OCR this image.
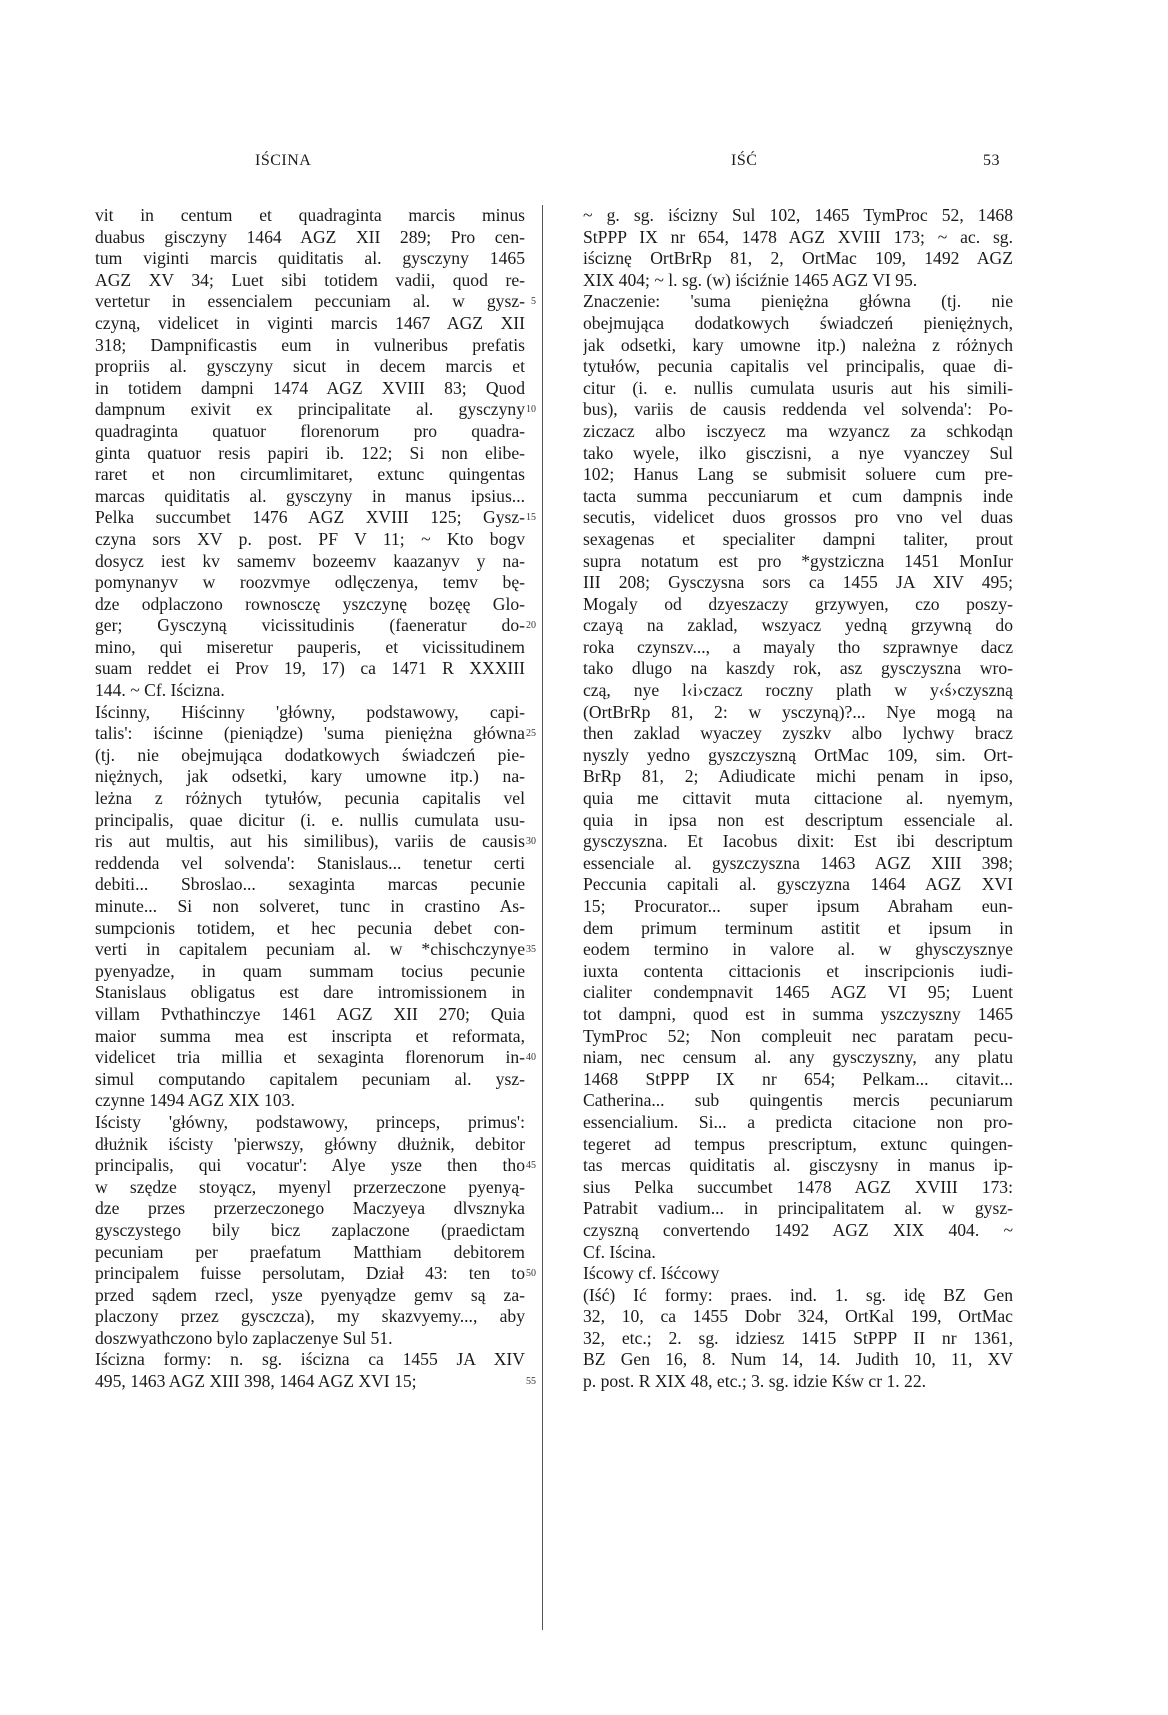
IŚCINA	IŚĆ	53
vit in centum et quadraginta marcis minus
duabus gisczyny 1464 AGZ XII 289; Pro cen-
tum viginti marcis quiditatis al. gysczyny 1465
AGZ XV 34; Luet sibi totidem vadii, quod re-
vertetur in essencialem peccuniam al. w gysz-
czyną, videlicet in viginti marcis 1467 AGZ XII
318; Dampnificastis eum in vulneribus prefatis
propriis al. gysczyny sicut in decem marcis et
in totidem dampni 1474 AGZ XVIII 83; Quod
dampnum exivit ex principalitate al. gysczyny
quadraginta quatuor florenorum pro quadra-
ginta quatuor resis papiri ib. 122; Si non elibe-
raret et non circumlimitaret, extunc quingentas
marcas quiditatis al. gysczyny in manus ipsius...
Pelka succumbet 1476 AGZ XVIII 125; Gysz-
czyna sors XV p. post. PF V 11; ~ Kto bogv
dosycz iest kv samemv bozeemv kaazanyv y na-
pomynanyv w roozvmye odlęczenya, temv bę-
dze odplaczono rownosczę yszczynę bozęę Glo-
ger; Gysczyną vicissitudinis (faeneratur do-
mino, qui miseretur pauperis, et vicissitudinem
suam reddet ei Prov 19, 17) ca 1471 R XXXIII
144. ~ Cf. Iścizna.
Iścinny, Hiścinny 'główny, podstawowy, capi-
talis': iścinne (pieniądze) 'suma pieniężna główna
(tj. nie obejmująca dodatkowych świadczeń pie-
niężnych, jak odsetki, kary umowne itp.) na-
leżna z różnych tytułów, pecunia capitalis vel
principalis, quae dicitur (i. e. nullis cumulata usu-
ris aut multis, aut his similibus), variis de causis
reddenda vel solvenda': Stanislaus... tenetur certi
debiti... Sbroslao... sexaginta marcas pecunie
minute... Si non solveret, tunc in crastino As-
sumpcionis totidem, et hec pecunia debet con-
verti in capitalem pecuniam al. w *chischczynye
pyenyadze, in quam summam tocius pecunie
Stanislaus obligatus est dare intromissionem in
villam Pvthathinczye 1461 AGZ XII 270; Quia
maior summa mea est inscripta et reformata,
videlicet tria millia et sexaginta florenorum in-
simul computando capitalem pecuniam al. ysz-
czynne 1494 AGZ XIX 103.
Iścisty 'główny, podstawowy, princeps, primus':
dłużnik iścisty 'pierwszy, główny dłużnik, debitor
principalis, qui vocatur': Alye ysze then tho
w szędze stoyącz, myenyl przerzeczone pyenyą-
dze przes przerzeczonego Maczyeya dlvsznyka
gysczystego bily bicz zaplaczone (praedictam
pecuniam per praefatum Matthiam debitorem
principalem fuisse persolutam, Dział 43: ten to
przed sądem rzecl, ysze pyenyądze gemv są za-
placzony przez gysczcza), my skazvyemy..., aby
doszwyathczono bylo zaplaczenye Sul 51.
Iścizna formy: n. sg. iścizna ca 1455 JA XIV
495, 1463 AGZ XIII 398, 1464 AGZ XVI 15;
5
10
15
20
25
30
35
40
45
50
55
~ g. sg. iścizny Sul 102, 1465 TymProc 52, 1468
StPPP IX nr 654, 1478 AGZ XVIII 173; ~ ac. sg.
iściznę OrtBrRp 81, 2, OrtMac 109, 1492 AGZ
XIX 404; ~ l. sg. (w) iściźnie 1465 AGZ VI 95.
Znaczenie: 'suma pieniężna główna (tj. nie
obejmująca dodatkowych świadczeń pieniężnych,
jak odsetki, kary umowne itp.) należna z różnych
tytułów, pecunia capitalis vel principalis, quae di-
citur (i. e. nullis cumulata usuris aut his simili-
bus), variis de causis reddenda vel solvenda': Po-
ziczacz albo isczyecz ma wzyancz za schkodąn
tako wyele, ilko gisczisni, a nye vyanczey Sul
102; Hanus Lang se submisit soluere cum pre-
tacta summa peccuniarum et cum dampnis inde
secutis, videlicet duos grossos pro vno vel duas
sexagenas et specialiter dampni taliter, prout
supra notatum est pro *gystziczna 1451 MonIur
III 208; Gysczysna sors ca 1455 JA XIV 495;
Mogaly od dzyeszaczy grzywyen, czo poszy-
czayą na zaklad, wszyacz yedną grzywną do
roka czynszv..., a mayaly tho szprawnye dacz
tako dlugo na kaszdy rok, asz gysczyszna wro-
czą, nye l‹i›czacz roczny plath w y‹ś›czyszną
(OrtBrRp 81, 2: w ysczyną)?... Nye mogą na
then zaklad wyaczey zyszkv albo lychwy bracz
nyszly yedno gyszczyszną OrtMac 109, sim. Ort-
BrRp 81, 2; Adiudicate michi penam in ipso,
quia me cittavit muta cittacione al. nyemym,
quia in ipsa non est descriptum essenciale al.
gysczyszna. Et Iacobus dixit: Est ibi descriptum
essenciale al. gyszczyszna 1463 AGZ XIII 398;
Peccunia capitali al. gysczyzna 1464 AGZ XVI
15; Procurator... super ipsum Abraham eun-
dem primum terminum astitit et ipsum in
eodem termino in valore al. w ghysczysznye
iuxta contenta cittacionis et inscripcionis iudi-
cialiter condempnavit 1465 AGZ VI 95; Luent
tot dampni, quod est in summa yszczyszny 1465
TymProc 52; Non compleuit nec paratam pecu-
niam, nec censum al. any gysczyszny, any platu
1468 StPPP IX nr 654; Pelkam... citavit...
Catherina... sub quingentis mercis pecuniarum
essencialium. Si... a predicta citacione non pro-
tegeret ad tempus prescriptum, extunc quingen-
tas mercas quiditatis al. gisczysny in manus ip-
sius Pelka succumbet 1478 AGZ XVIII 173:
Patrabit vadium... in principalitatem al. w gysz-
czyszną convertendo 1492 AGZ XIX 404. ~
Cf. Iścina.
Iścowy cf. Iśćcowy
(Iść) Ić formy: praes. ind. 1. sg. idę BZ Gen
32, 10, ca 1455 Dobr 324, OrtKal 199, OrtMac
32, etc.; 2. sg. idziesz 1415 StPPP II nr 1361,
BZ Gen 16, 8. Num 14, 14. Judith 10, 11, XV
p. post. R XIX 48, etc.; 3. sg. idzie Kśw cr 1. 22.
